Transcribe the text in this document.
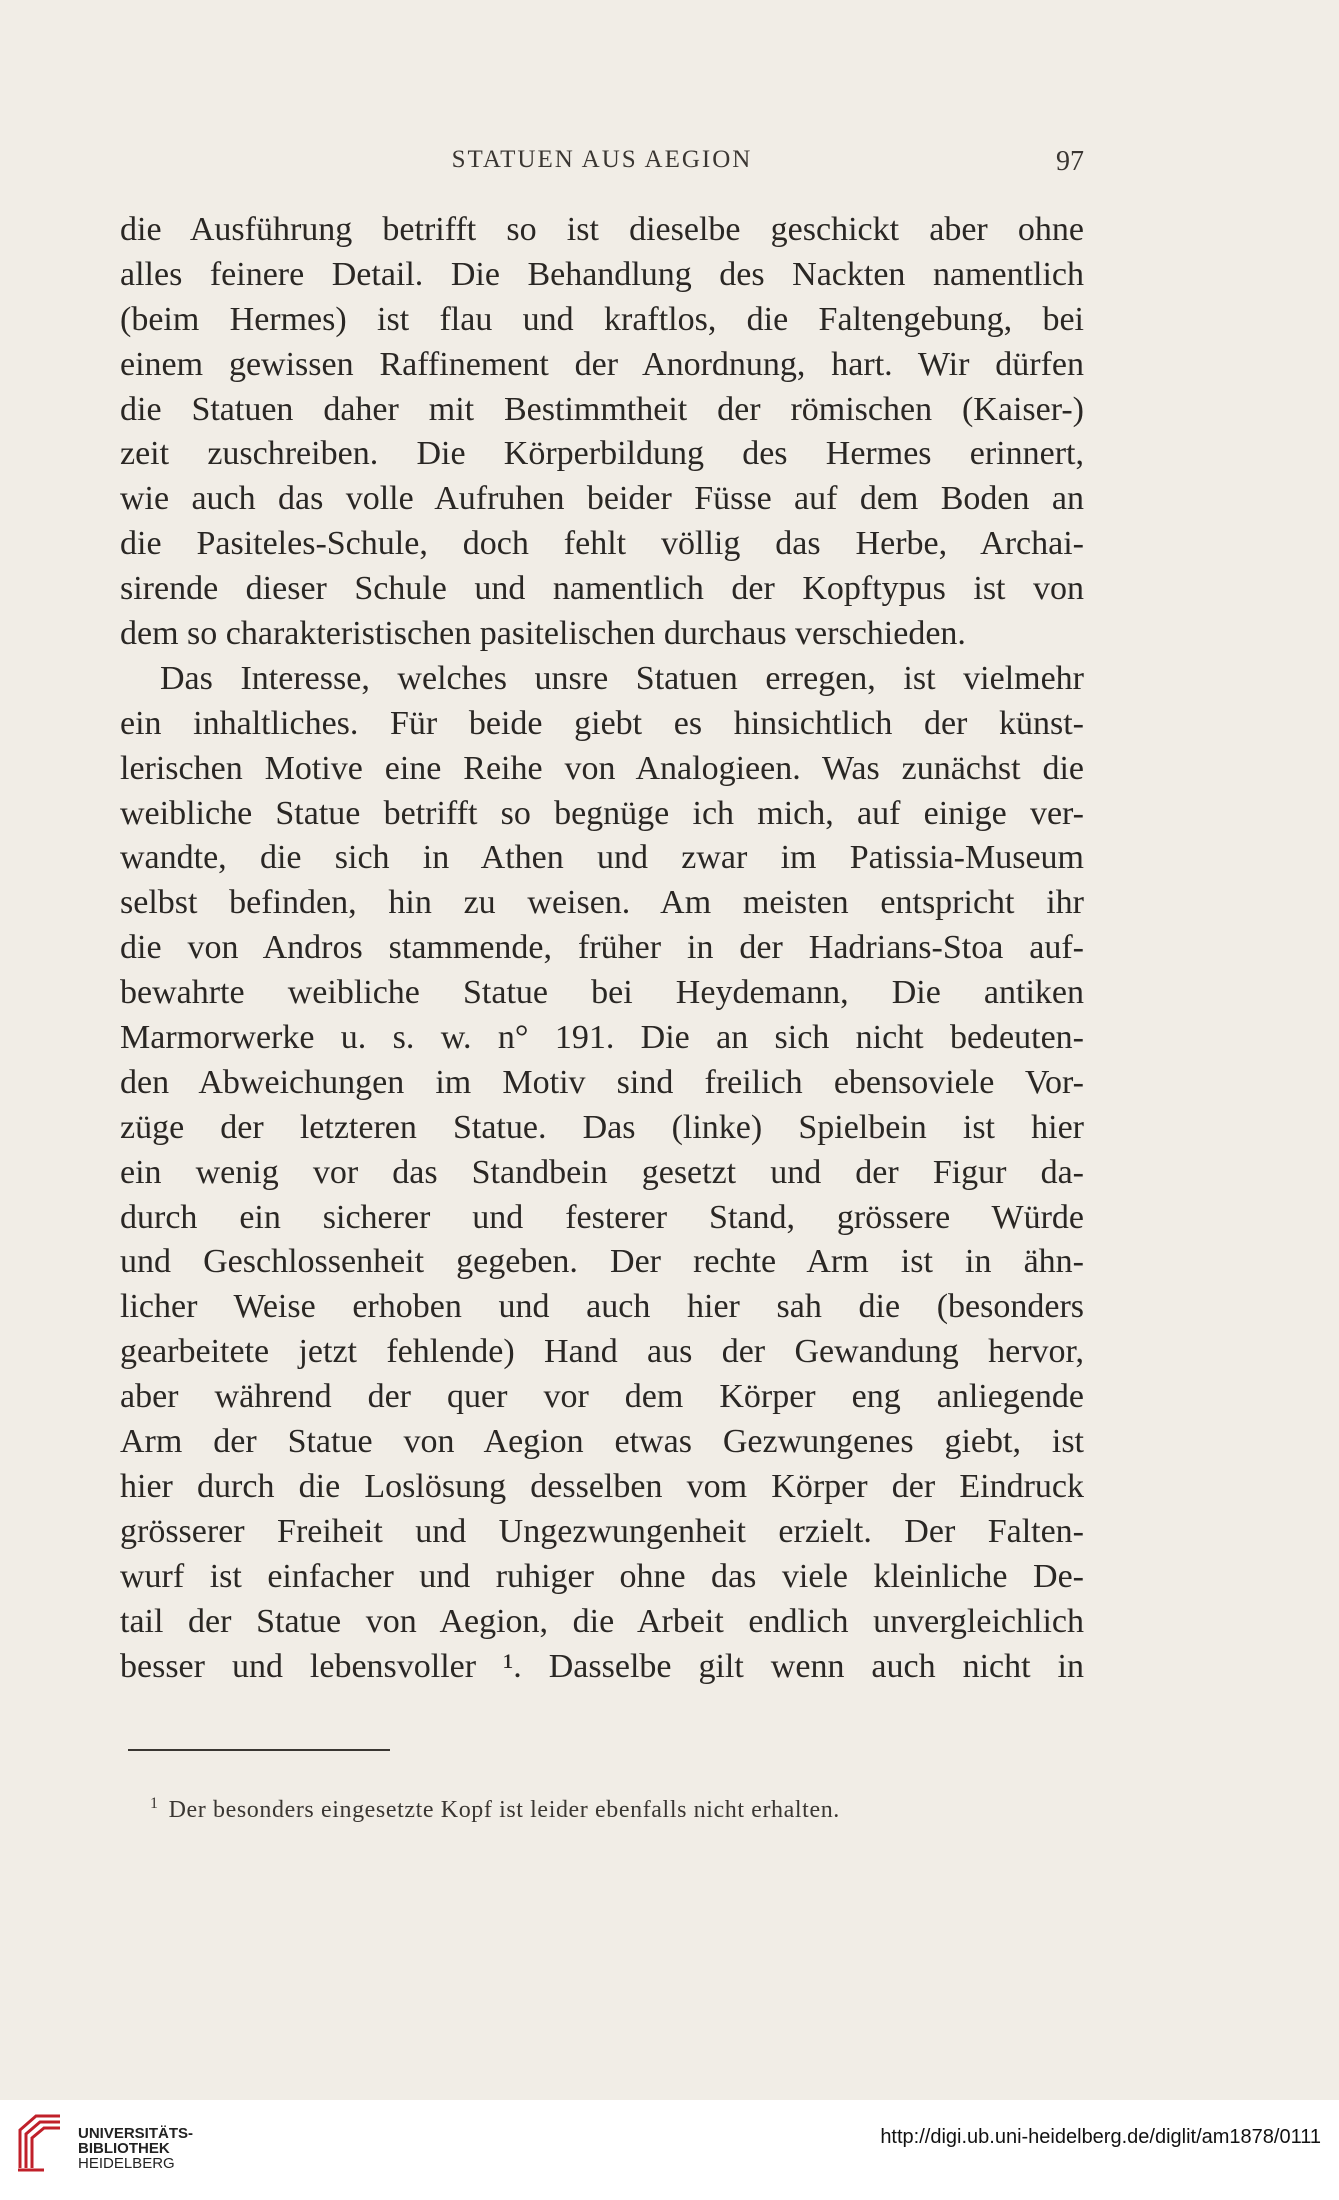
STATUEN AUS AEGION	97
die Ausführung betrifft so ist dieselbe geschickt aber ohne
alles feinere Detail. Die Behandlung des Nackten namentlich
(beim Hermes) ist flau und kraftlos, die Faltengebung, bei
einem gewissen Raffinement der Anordnung, hart. Wir dürfen
die Statuen daher mit Bestimmtheit der römischen (Kaiser-)
zeit zuschreiben. Die Körperbildung des Hermes erinnert,
wie auch das volle Aufruhen beider Füsse auf dem Boden an
die Pasiteles-Schule, doch fehlt völlig das Herbe, Archai-
sirende dieser Schule und namentlich der Kopftypus ist von
dem so charakteristischen pasitelischen durchaus verschieden.
Das Interesse, welches unsre Statuen erregen, ist vielmehr
ein inhaltliches. Für beide giebt es hinsichtlich der künst-
lerischen Motive eine Reihe von Analogieen. Was zunächst die
weibliche Statue betrifft so begnüge ich mich, auf einige ver-
wandte, die sich in Athen und zwar im Patissia-Museum
selbst befinden, hin zu weisen. Am meisten entspricht ihr
die von Andros stammende, früher in der Hadrians-Stoa auf-
bewahrte weibliche Statue bei Heydemann, Die antiken
Marmorwerke u. s. w. n° 191. Die an sich nicht bedeuten-
den Abweichungen im Motiv sind freilich ebensoviele Vor-
züge der letzteren Statue. Das (linke) Spielbein ist hier
ein wenig vor das Standbein gesetzt und der Figur da-
durch ein sicherer und festerer Stand, grössere Würde
und Geschlossenheit gegeben. Der rechte Arm ist in ähn-
licher Weise erhoben und auch hier sah die (besonders
gearbeitete jetzt fehlende) Hand aus der Gewandung hervor,
aber während der quer vor dem Körper eng anliegende
Arm der Statue von Aegion etwas Gezwungenes giebt, ist
hier durch die Loslösung desselben vom Körper der Eindruck
grösserer Freiheit und Ungezwungenheit erzielt. Der Falten-
wurf ist einfacher und ruhiger ohne das viele kleinliche De-
tail der Statue von Aegion, die Arbeit endlich unvergleichlich
besser und lebensvoller ¹. Dasselbe gilt wenn auch nicht in
$^1$ Der besonders eingesetzte Kopf ist leider ebenfalls nicht erhalten.
UNIVERSITÄTS-
BIBLIOTHEK
HEIDELBERG
http://digi.ub.uni-heidelberg.de/diglit/am1878/0111
